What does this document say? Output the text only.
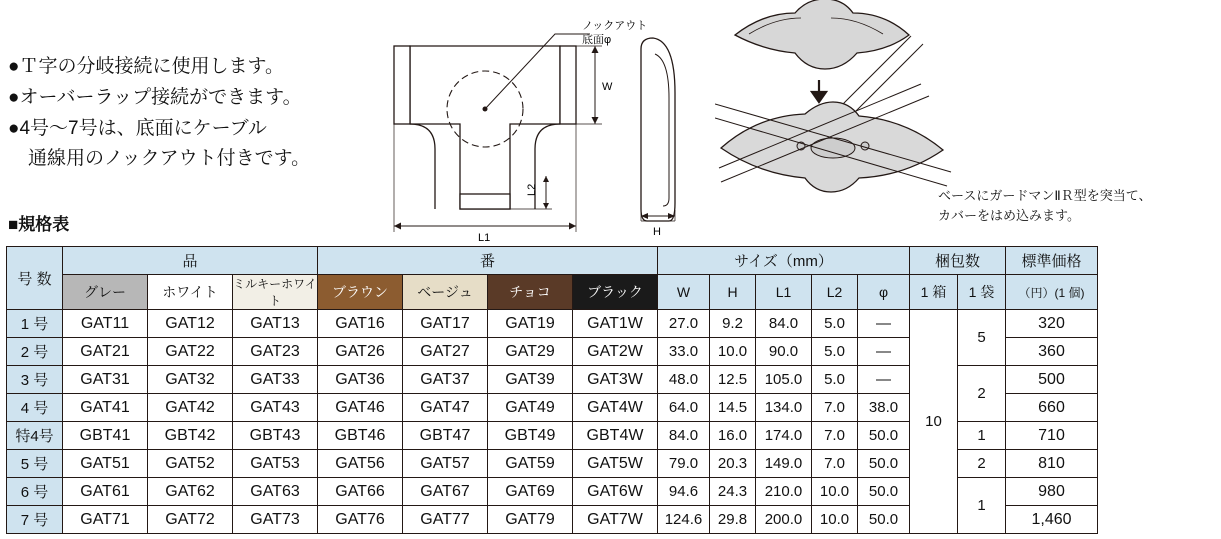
●Ｔ字の分岐接続に使用します。
●オーバーラップ接続ができます。
●4号〜7号は、底面にケーブル
通線用のノックアウト付きです。
■規格表
ノックアウト
底面φ
W
L1
L2
H
ベースにガードマンⅡＲ型を突当て、
カバーをはめ込みます。
号 数	品			番				サイズ（mm）					梱包数		標準価格
	グレー	ホワイト	ミルキーホワイト	ブラウン	ベージュ	チョコ	ブラック	W	H	L1	L2	φ	1 箱	1 袋	（円）(1 個)
1 号	GAT11	GAT12	GAT13	GAT16	GAT17	GAT19	GAT1W	27.0	9.2	84.0	5.0	—	10	5	320
2 号	GAT21	GAT22	GAT23	GAT26	GAT27	GAT29	GAT2W	33.0	10.0	90.0	5.0	—			360
3 号	GAT31	GAT32	GAT33	GAT36	GAT37	GAT39	GAT3W	48.0	12.5	105.0	5.0	—		2	500
4 号	GAT41	GAT42	GAT43	GAT46	GAT47	GAT49	GAT4W	64.0	14.5	134.0	7.0	38.0			660
特4号	GBT41	GBT42	GBT43	GBT46	GBT47	GBT49	GBT4W	84.0	16.0	174.0	7.0	50.0		1	710
5 号	GAT51	GAT52	GAT53	GAT56	GAT57	GAT59	GAT5W	79.0	20.3	149.0	7.0	50.0		2	810
6 号	GAT61	GAT62	GAT63	GAT66	GAT67	GAT69	GAT6W	94.6	24.3	210.0	10.0	50.0		1	980
7 号	GAT71	GAT72	GAT73	GAT76	GAT77	GAT79	GAT7W	124.6	29.8	200.0	10.0	50.0			1,460
